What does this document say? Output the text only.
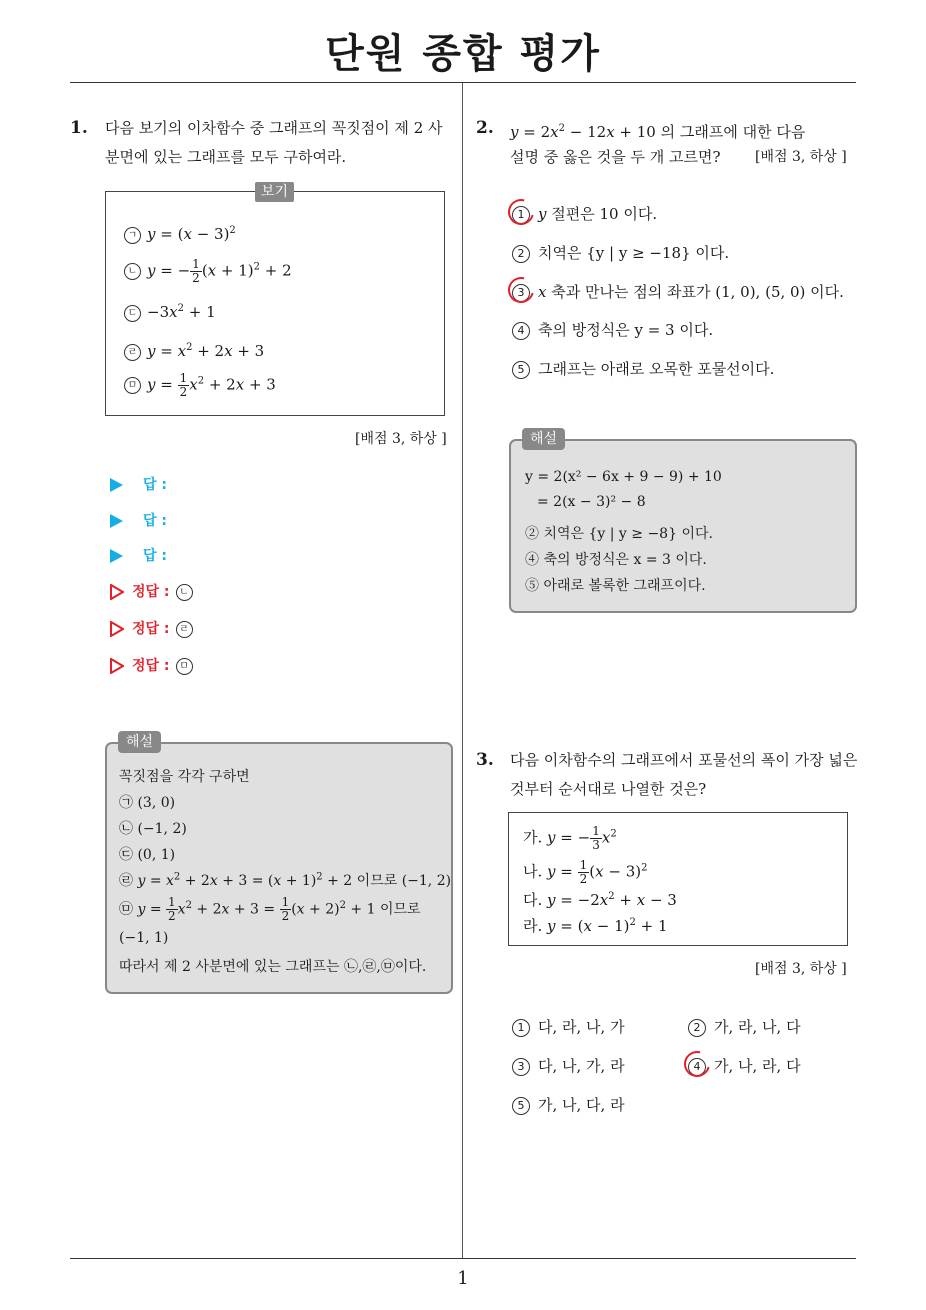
단원 종합 평가
1. 다음 보기의 이차함수 중 그래프의 꼭짓점이 제 2 사
분면에 있는 그래프를 모두 구하여라.
ㄱ $y = (x - 3)^2$
ㄴ y = − $\frac{1}{2} (x + 1)^2 + 2$
ㄷ $-3x^2 + 1$
ㄹ $y = x^2 + 2x + 3$
ㅁ $y = \frac{1}{2} x^2 + 2x + 3$
보기
[배점 3, 하상 ]
답 :
답 :
답 :
정답 : ㄴ
정답 : ㄹ
정답 : ㅁ
꼭짓점을 각각 구하면
㉠ (3, 0)
㉡ (−1, 2)
㉢ (0, 1)
㉣ $y = x^2 + 2x + 3 = (x + 1)^2 + 2$ 이므로 (−1, 2)
㉤ $y = \frac{1}{2} x^2 + 2x + 3 = \frac{1}{2} (x + 2)^2 + 1$ 이므로
(−1, 1)
따라서 제 2 사분면에 있는 그래프는 ㉡,㉣,㉤이다.
해설
2. $y = 2x^2 - 12x + 10$ 의 그래프에 대한 다음
설명 중 옳은 것을 두 개 고르면? [배점 3, 하상 ]
1 y 절편은 10 이다.
2 치역은 {y | y ≥ −18} 이다.
3 x 축과 만나는 점의 좌표가 (1, 0), (5, 0) 이다.
4 축의 방정식은 y = 3 이다.
5 그래프는 아래로 오목한 포물선이다.
y = 2(x² − 6x + 9 − 9) + 10
= 2(x − 3)² − 8
② 치역은 {y | y ≥ −8} 이다.
④ 축의 방정식은 x = 3 이다.
⑤ 아래로 볼록한 그래프이다.
해설
3. 다음 이차함수의 그래프에서 포물선의 폭이 가장 넓은
것부터 순서대로 나열한 것은?
가. y = − $\frac{1}{3} x^2$
나. $y = \frac{1}{2} (x - 3)^2$
다. $y = -2x^2 + x - 3$
라. $y = (x - 1)^2 + 1$
[배점 3, 하상 ]
1 다, 라, 나, 가	2 가, 라, 나, 다
3 다, 나, 가, 라	4 가, 나, 라, 다
5 가, 나, 다, 라
1
